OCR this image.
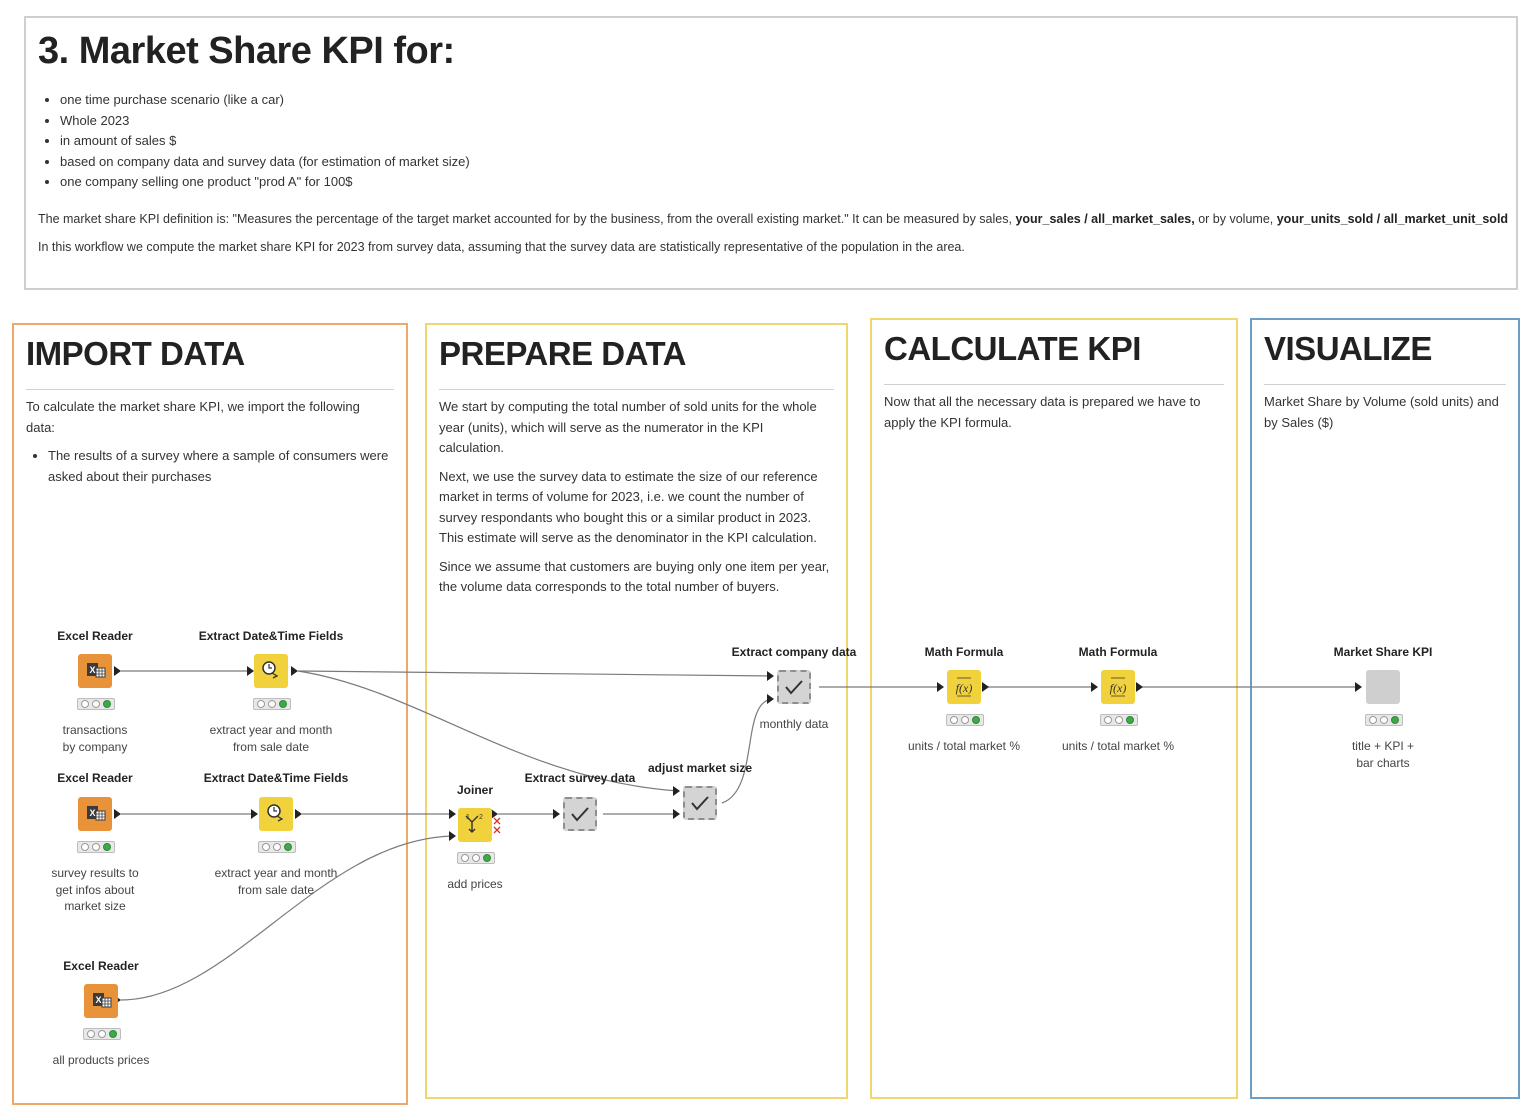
3. Market Share KPI for:
• one time purchase scenario (like a car)
• Whole 2023
• in amount of sales $
• based on company data and survey data (for estimation of market size)
• one company selling one product "prod A" for 100$

The market share KPI definition is: "Measures the percentage of the target market accounted for by the business, from the overall existing market." It can be measured by sales, your_sales / all_market_sales, or by volume, your_units_sold / all_market_unit_sold

In this workflow we compute the market share KPI for 2023 from survey data, assuming that the survey data are statistically representative of the population in the area.

IMPORT DATA

To calculate the market share KPI, we import the following data:

• The results of a survey where a sample of consumers were asked about their purchases
PREPARE DATA

We start by computing the total number of sold units for the whole year (units), which will serve as the numerator in the KPI calculation.

Next, we use the survey data to estimate the size of our reference market in terms of volume for 2023, i.e. we count the number of survey respondants who bought this or a similar product in 2023. This estimate will serve as the denominator in the KPI calculation.

Since we assume that customers are buying only one item per year, the volume data corresponds to the total number of buyers.

CALCULATE KPI

Now that all the necessary data is prepared we have to apply the KPI formula.

VISUALIZE

Market Share by Volume (sold units) and by Sales ($)

Excel Reader
X
transactions
by company
Extract Date&Time Fields
extract year and month
from sale date
Excel Reader
X
survey results to
get infos about
market size
Extract Date&Time Fields
extract year and month
from sale date
Excel Reader
X
all products prices
Joiner
1 2
add prices
Extract company data
monthly data
Extract survey data
adjust market size
Math Formula
f(x)
units / total market %
Math Formula
f(x)
units / total market %
Market Share KPI
title + KPI +
bar charts
